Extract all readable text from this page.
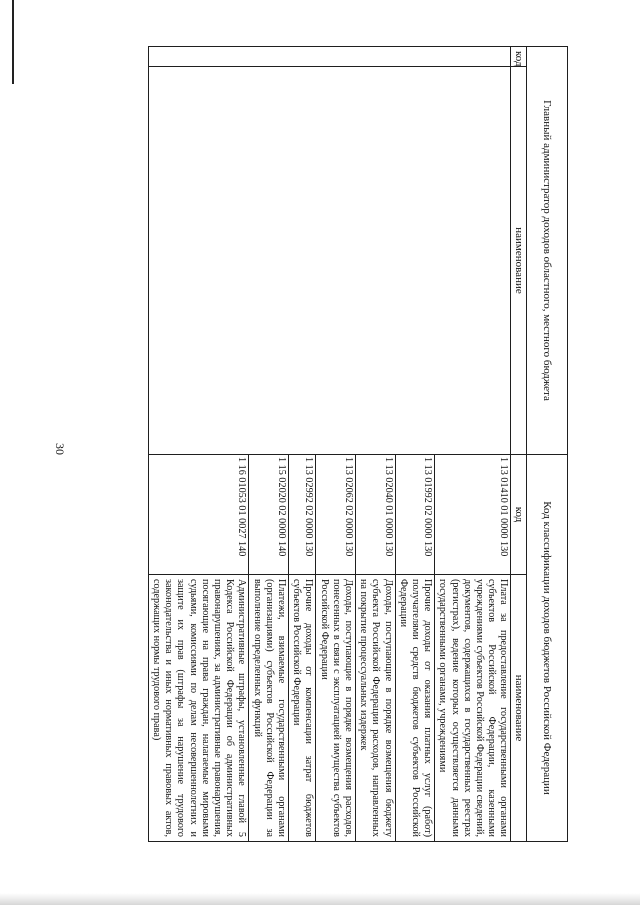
30
Главный администратор доходов областного, местного бюджета		Код классификации доходов бюджетов Российской Федерации	
код	наименование	код	наименование
		1 13 01410 01 0000 130	Плата за предоставление государственными органами субъектов Российской Федерации, казенными учреждениями субъектов Российской Федерации сведений, документов, содержащихся в государственных реестрах (регистрах), ведение которых осуществляется данными государственными органами, учреждениями
		1 13 01992 02 0000 130	Прочие доходы от оказания платных услуг (работ) получателями средств бюджетов субъектов Российской Федерации
		1 13 02040 01 0000 130	Доходы, поступающие в порядке возмещения бюджету субъекта Российской Федерации расходов, направленных на покрытие процессуальных издержек
		1 13 02062 02 0000 130	Доходы, поступающие в порядке возмещения расходов, понесенных в связи с эксплуатацией имущества субъектов Российской Федерации
		1 13 02992 02 0000 130	Прочие доходы от компенсации затрат бюджетов субъектов Российской Федерации
		1 15 02020 02 0000 140	Платежи, взимаемые государственными органами (организациями) субъектов Российской Федерации за выполнение определенных функций
		1 16 01053 01 0027 140	Административные штрафы, установленные главой 5 Кодекса Российской Федерации об административных правонарушениях, за административные правонарушения, посягающие на права граждан, налагаемые мировыми судьями, комиссиями по делам несовершеннолетних и защите их прав (штрафы за нарушение трудового законодательства и иных нормативных правовых актов, содержащих нормы трудового права)
